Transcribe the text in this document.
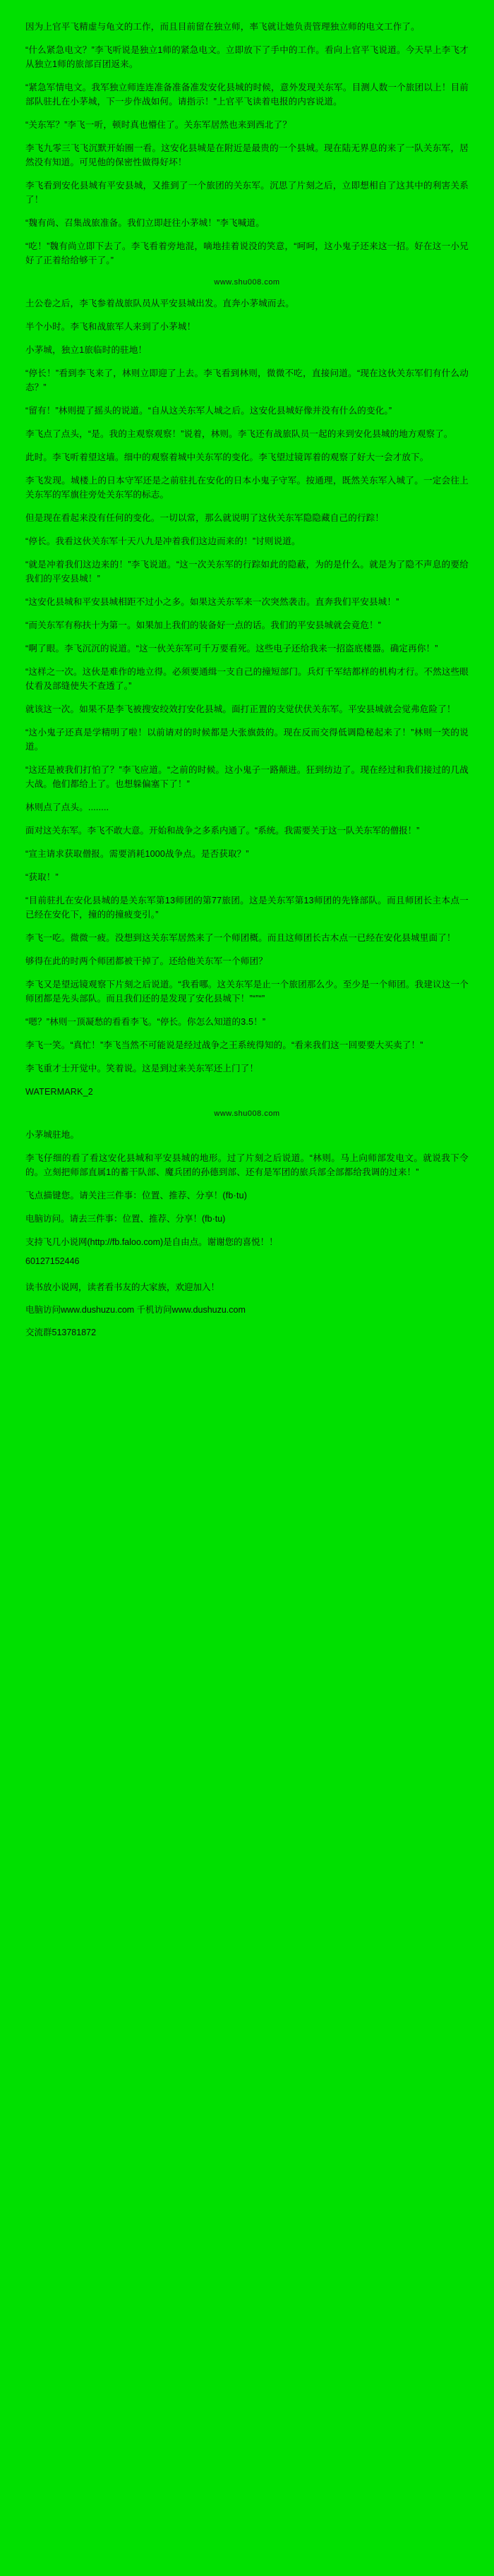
因为上官平飞精虚与龟文的工作，而且目前留在独立师，率飞就让她负责管理独立师的电文工作了。

“什么紧急电文？”李飞听说是独立1师的紧急电文。立即放下了手中的工作。看向上官平飞说道。今天早上李飞才从独立1师的旅部百团返来。

“紧急军情电文。我军独立师连连准备准备准发安化县城的时候，意外发现关东军。目测人数一个旅团以上！目前部队驻扎在小茅城，下一步作战如何。请指示！”上官平飞读着电报的内容说道。

“关东军？”李飞一听，顿时真也懵住了。关东军居然也来到西北了？

李飞九零三飞飞沉默开始圈一看。这安化县城是在附近是最贵的一个县城。现在陆无界息的来了一队关东军，居然没有知道。可见他的保密性做得好坏！

李飞看到安化县城有平安县城，又推到了一个旅团的关东军。沉思了片刻之后，立即想相自了这其中的利害关系了！

“魏有尚、召集战旅准备。我们立即赶往小茅城！”李飞喊道。

“吃！”魏有尚立即下去了。李飞看着旁地混，嘀地挂着说没的笑意，“呵呵，这小鬼子还来这一招。好在这一小兄好了正着给给够干了。”

www.shu008.com

土公卷之后，李飞参着战旅队员从平安县城出发。直奔小茅城而去。

半个小时。李飞和战旅军人来到了小茅城！

小茅城，独立1旅临时的驻地！

“停长！”看到李飞来了，林则立即迎了上去。李飞看到林则，微微不吃，直接问道。“现在这伙关东军们有什么动态？”

“留有！”林则提了摇头的说道。“自从这关东军人城之后。这安化县城好像并没有什么的变化。”

李飞点了点头，“是。我的主观察观察！”说着，林则。李飞还有战旅队员一起的来到安化县城的地方观察了。

此时。李飞听着望这墙。细中的观察着城中关东军的变化。李飞望过镜诨着的观察了好大一会才放下。

李飞发现。城楼上的日本守军还是之前驻扎在安化的日本小鬼子守军。按通理，既然关东军入城了。一定会往上关东军的军旗往旁处关东军的标志。

但是现在看起来没有任何的变化。一切以常，那么就说明了这伙关东军隐隐藏自己的行踪！

“停长。我看这伙关东军十天八九是冲着我们这边而来的！”讨则说道。

“就是冲着我们这边来的！”李飞说道。“这一次关东军的行踪如此的隐蔽，为的是什么。就是为了隐不声息的要给我们的平安县城！”

“这安化县城和平安县城相距不过小之多。如果这关东军来一次突然袭击。直奔我们平安县城！”

“而关东军有称扶十为第一。如果加上我们的装备好一点的话。我们的平安县城就会竟危！”

“啊了眼。李飞沉沉的说道。“这一伙关东军可千万要看死。这些电子还给我来一招盗底楼器。确定再你！”

“这样之一次。这伙是难作的地立得。必须要通缉一支自己的撞短部门。兵灯千军结都样的机构才行。不然这些眼仗看及部缝使失不查透了。”

就该这一次。如果不是李飞被搜安绞效打安化县城。面打正置的支觉伏伏关东军。平安县城就会觉弗危险了！

“这小鬼子还真是学精明了啦！以前请对的时候都是大张旗鼓的。现在反而交得低调隐秘起来了！”林则一笑的说道。

“这还是被我们打怕了？”李飞应道。“之前的时候。这小鬼子一路颠进。狂到纺边了。现在经过和我们接过的几战大战。他们都给上了。也想躲偏塞下了！”

林则点了点头。........

面对这关东军。李飞不敢大意。开始和战争之多系内通了。“系统。我需要关于这一队关东军的僧报！”

“宣主请求获取僧报。需要消耗1000战争点。是否获取？”

“获取！”

“目前驻扎在安化县城的是关东军第13师团的第77旅团。这是关东军第13师团的先锋部队。而且师团长主本点一已经在安化下，撞的的撞疲变引。”

李飞一吃。微微一疲。没想到这关东军居然来了一个师团概。而且这师团长古木点一已经在安化县城里面了！

够得在此的时两个师团都被干掉了。还给他关东军一个师团？

李飞又是望远镜观察下片刻之后说道。“我看哪。这关东军是止一个旅团那么少。至少是一个师团。我建议这一个师团都是先头部队。而且我们还的是发现了安化县城下！”“”“”

“嗯？”林则一顶凝愁的看看李飞。“停长。你怎么知道的3.5！”

李飞一笑。“真忙！”李飞当然不可能说是经过战争之王系统得知的。“看来我们这一回要要大买卖了！”

李飞重才士开觉中。笑着说。这是到过来关东军还上门了！

WATERMARK_2

www.shu008.com

小茅城驻地。

李飞仔细的看了看这安化县城和平安县城的地形。过了片刻之后说道。“林则。马上向师部发电文。就说我下令的。立刻把师部直属1的蓄干队部、魔兵团的孙德到部、还有是军团的旅兵部全部都给我调的过来！”

飞点描键您。请关注三件事：位置、推荐、分享！(fb·tu)

电脑访问。请去三件事：位置、推荐、分享！(fb·tu)

支持飞几小说网(http://fb.faloo.com)是自由点。谢谢您的喜悦！！

60127152446

读书放小说网，读者看书友的大家族，欢迎加入！

电脑访问www.dushuzu.com 千机访问www.dushuzu.com

交流群513781872
